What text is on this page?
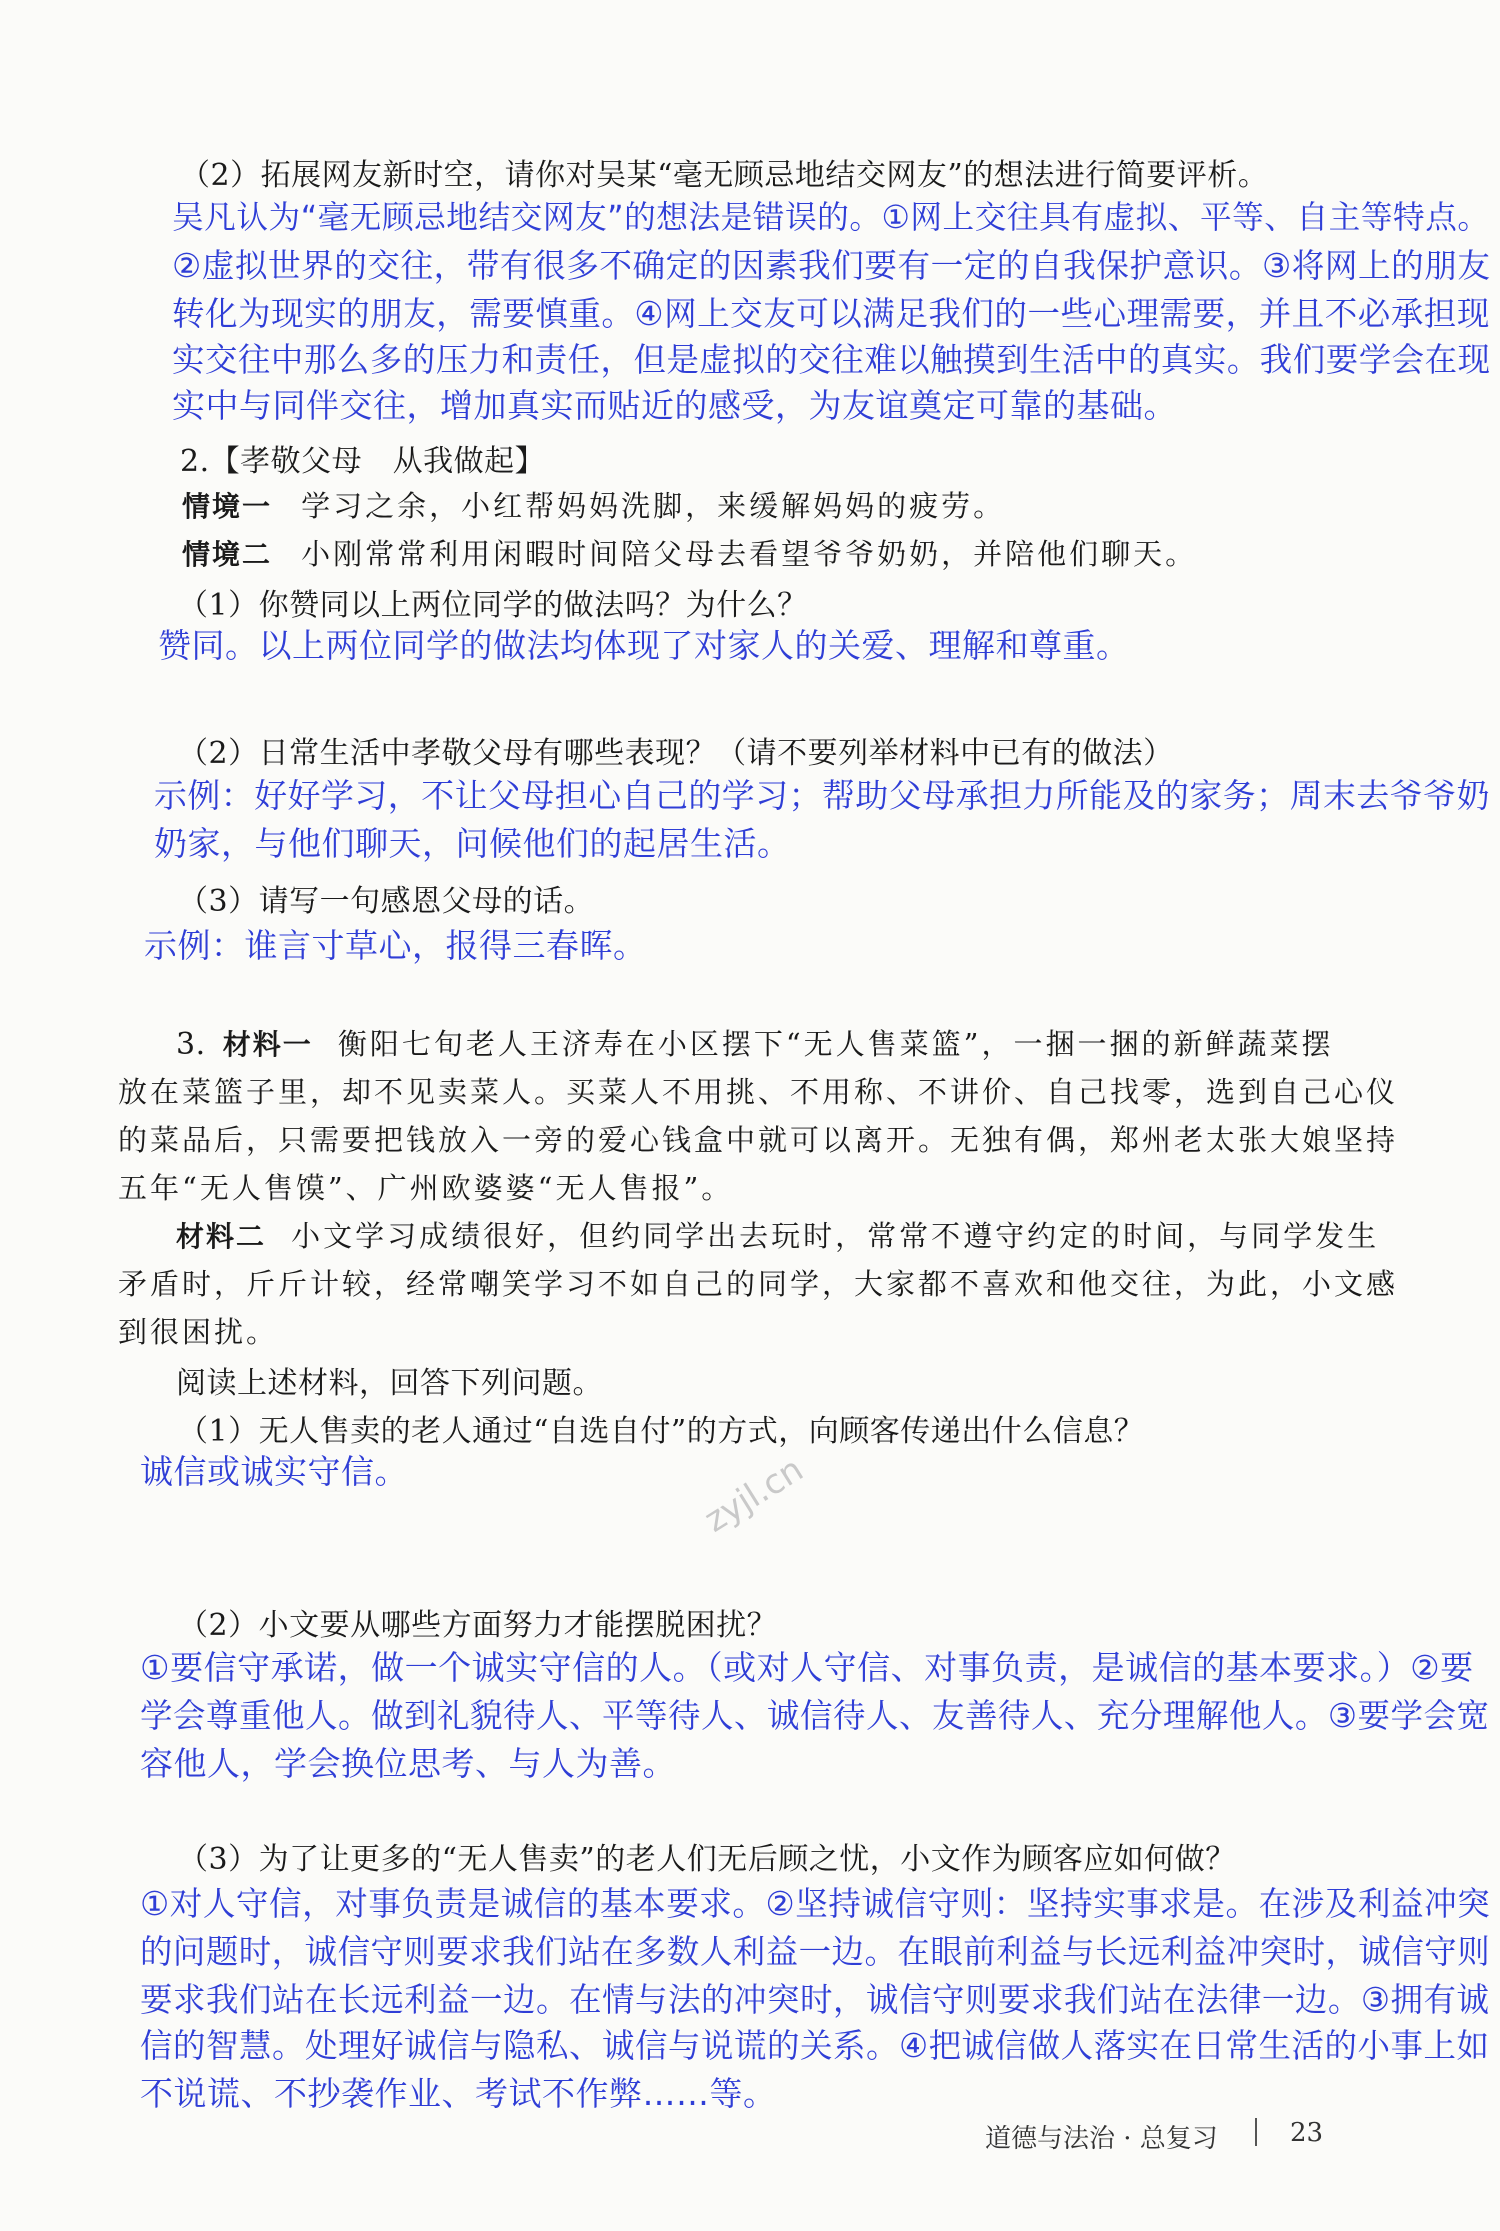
（2）拓展网友新时空，请你对吴某“毫无顾忌地结交网友”的想法进行简要评析。
吴凡认为“毫无顾忌地结交网友”的想法是错误的。①网上交往具有虚拟、平等、自主等特点。
②虚拟世界的交往，带有很多不确定的因素我们要有一定的自我保护意识。③将网上的朋友
转化为现实的朋友，需要慎重。④网上交友可以满足我们的一些心理需要，并且不必承担现
实交往中那么多的压力和责任，但是虚拟的交往难以触摸到生活中的真实。我们要学会在现
实中与同伴交往，增加真实而贴近的感受，为友谊奠定可靠的基础。
2.【孝敬父母　从我做起】
情境一 学习之余，小红帮妈妈洗脚，来缓解妈妈的疲劳。
情境二 小刚常常利用闲暇时间陪父母去看望爷爷奶奶，并陪他们聊天。
（1）你赞同以上两位同学的做法吗？为什么？
赞同。以上两位同学的做法均体现了对家人的关爱、理解和尊重。
（2）日常生活中孝敬父母有哪些表现？（请不要列举材料中已有的做法）
示例：好好学习，不让父母担心自己的学习；帮助父母承担力所能及的家务；周末去爷爷奶
奶家，与他们聊天，问候他们的起居生活。
（3）请写一句感恩父母的话。
示例：谁言寸草心，报得三春晖。
3. 材料一 衡阳七旬老人王济寿在小区摆下“无人售菜篮”，一捆一捆的新鲜蔬菜摆
放在菜篮子里，却不见卖菜人。买菜人不用挑、不用称、不讲价、自己找零，选到自己心仪
的菜品后，只需要把钱放入一旁的爱心钱盒中就可以离开。无独有偶，郑州老太张大娘坚持
五年“无人售馍”、广州欧婆婆“无人售报”。
材料二 小文学习成绩很好，但约同学出去玩时，常常不遵守约定的时间，与同学发生
矛盾时，斤斤计较，经常嘲笑学习不如自己的同学，大家都不喜欢和他交往，为此，小文感
到很困扰。
阅读上述材料，回答下列问题。
（1）无人售卖的老人通过“自选自付”的方式，向顾客传递出什么信息？
诚信或诚实守信。	zyjl.cn
（2）小文要从哪些方面努力才能摆脱困扰？
①要信守承诺，做一个诚实守信的人。（或对人守信、对事负责，是诚信的基本要求。）②要
学会尊重他人。做到礼貌待人、平等待人、诚信待人、友善待人、充分理解他人。③要学会宽
容他人，学会换位思考、与人为善。
（3）为了让更多的“无人售卖”的老人们无后顾之忧，小文作为顾客应如何做？
①对人守信，对事负责是诚信的基本要求。②坚持诚信守则：坚持实事求是。在涉及利益冲突
的问题时，诚信守则要求我们站在多数人利益一边。在眼前利益与长远利益冲突时，诚信守则
要求我们站在长远利益一边。在情与法的冲突时，诚信守则要求我们站在法律一边。③拥有诚
信的智慧。处理好诚信与隐私、诚信与说谎的关系。④把诚信做人落实在日常生活的小事上如
不说谎、不抄袭作业、考试不作弊……等。
道德与法治 · 总复习	23
